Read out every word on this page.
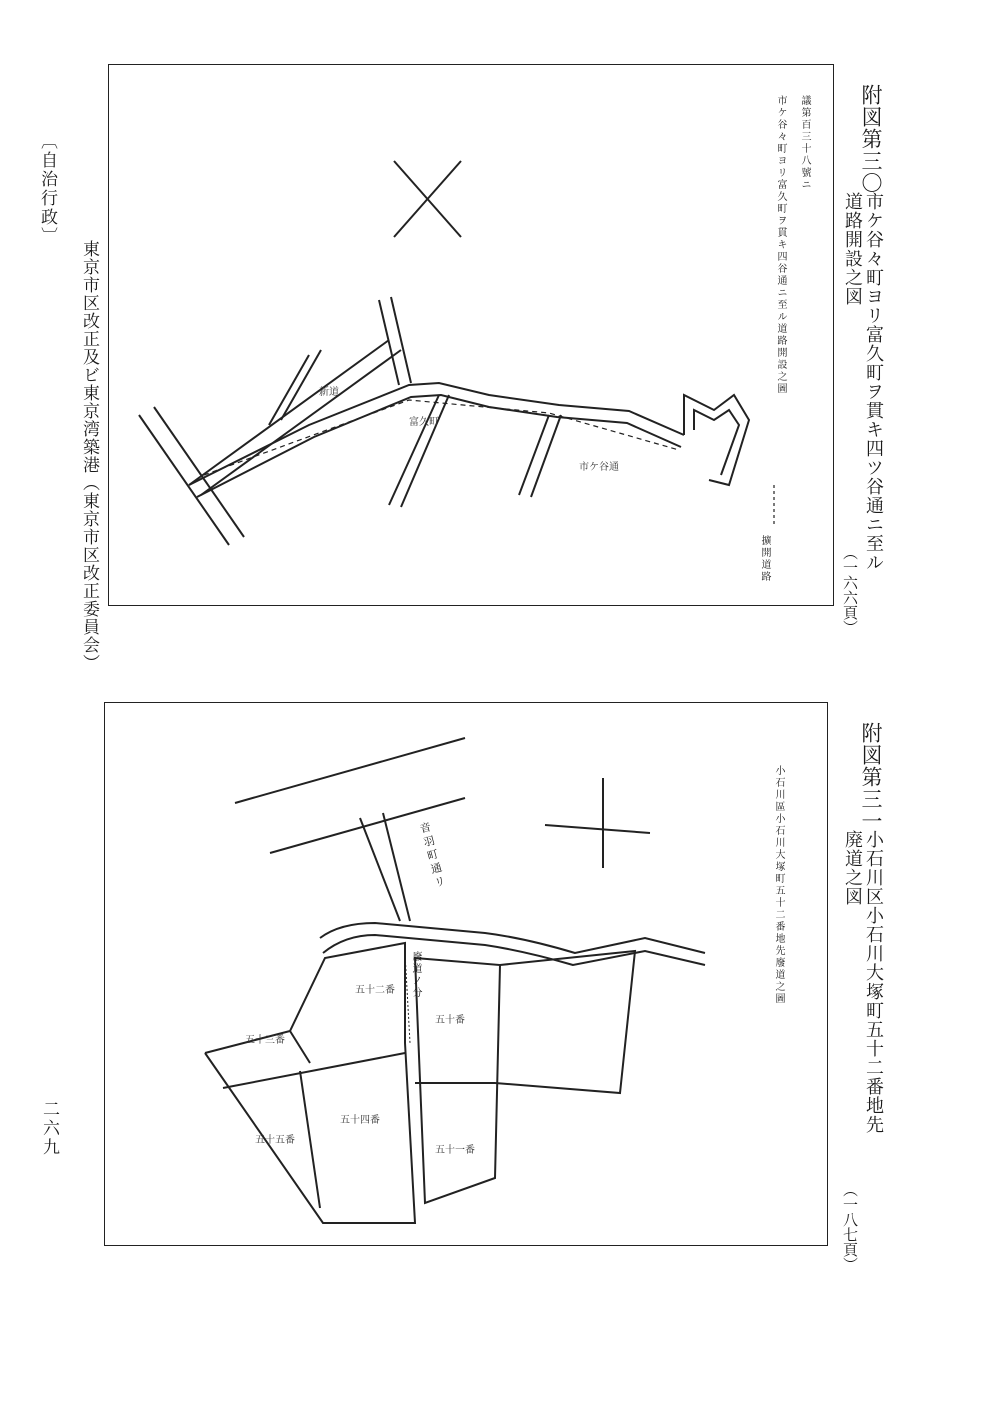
〔自治行政〕
東京市区改正及ビ東京湾築港（東京市区改正委員会）
二六九
富久町
市ケ谷通
新道
議第百三十八號ニ
市ケ谷々町ヨリ富久町ヲ貫キ四谷通ニ至ル道路開設之圖
擴開道路
附図第三〇
市ケ谷々町ヨリ富久町ヲ貫キ四ツ谷通ニ至ル
道路開設之図
（一六六頁）
五十二番
五十番
五十三番
五十四番
五十五番
五十一番
音羽町通リ
廢道ノ分	小石川區小石川大塚町五十二番地先廢道之圖	附図第三一
小石川区小石川大塚町五十二番地先
廃道之図
（一八七頁）
